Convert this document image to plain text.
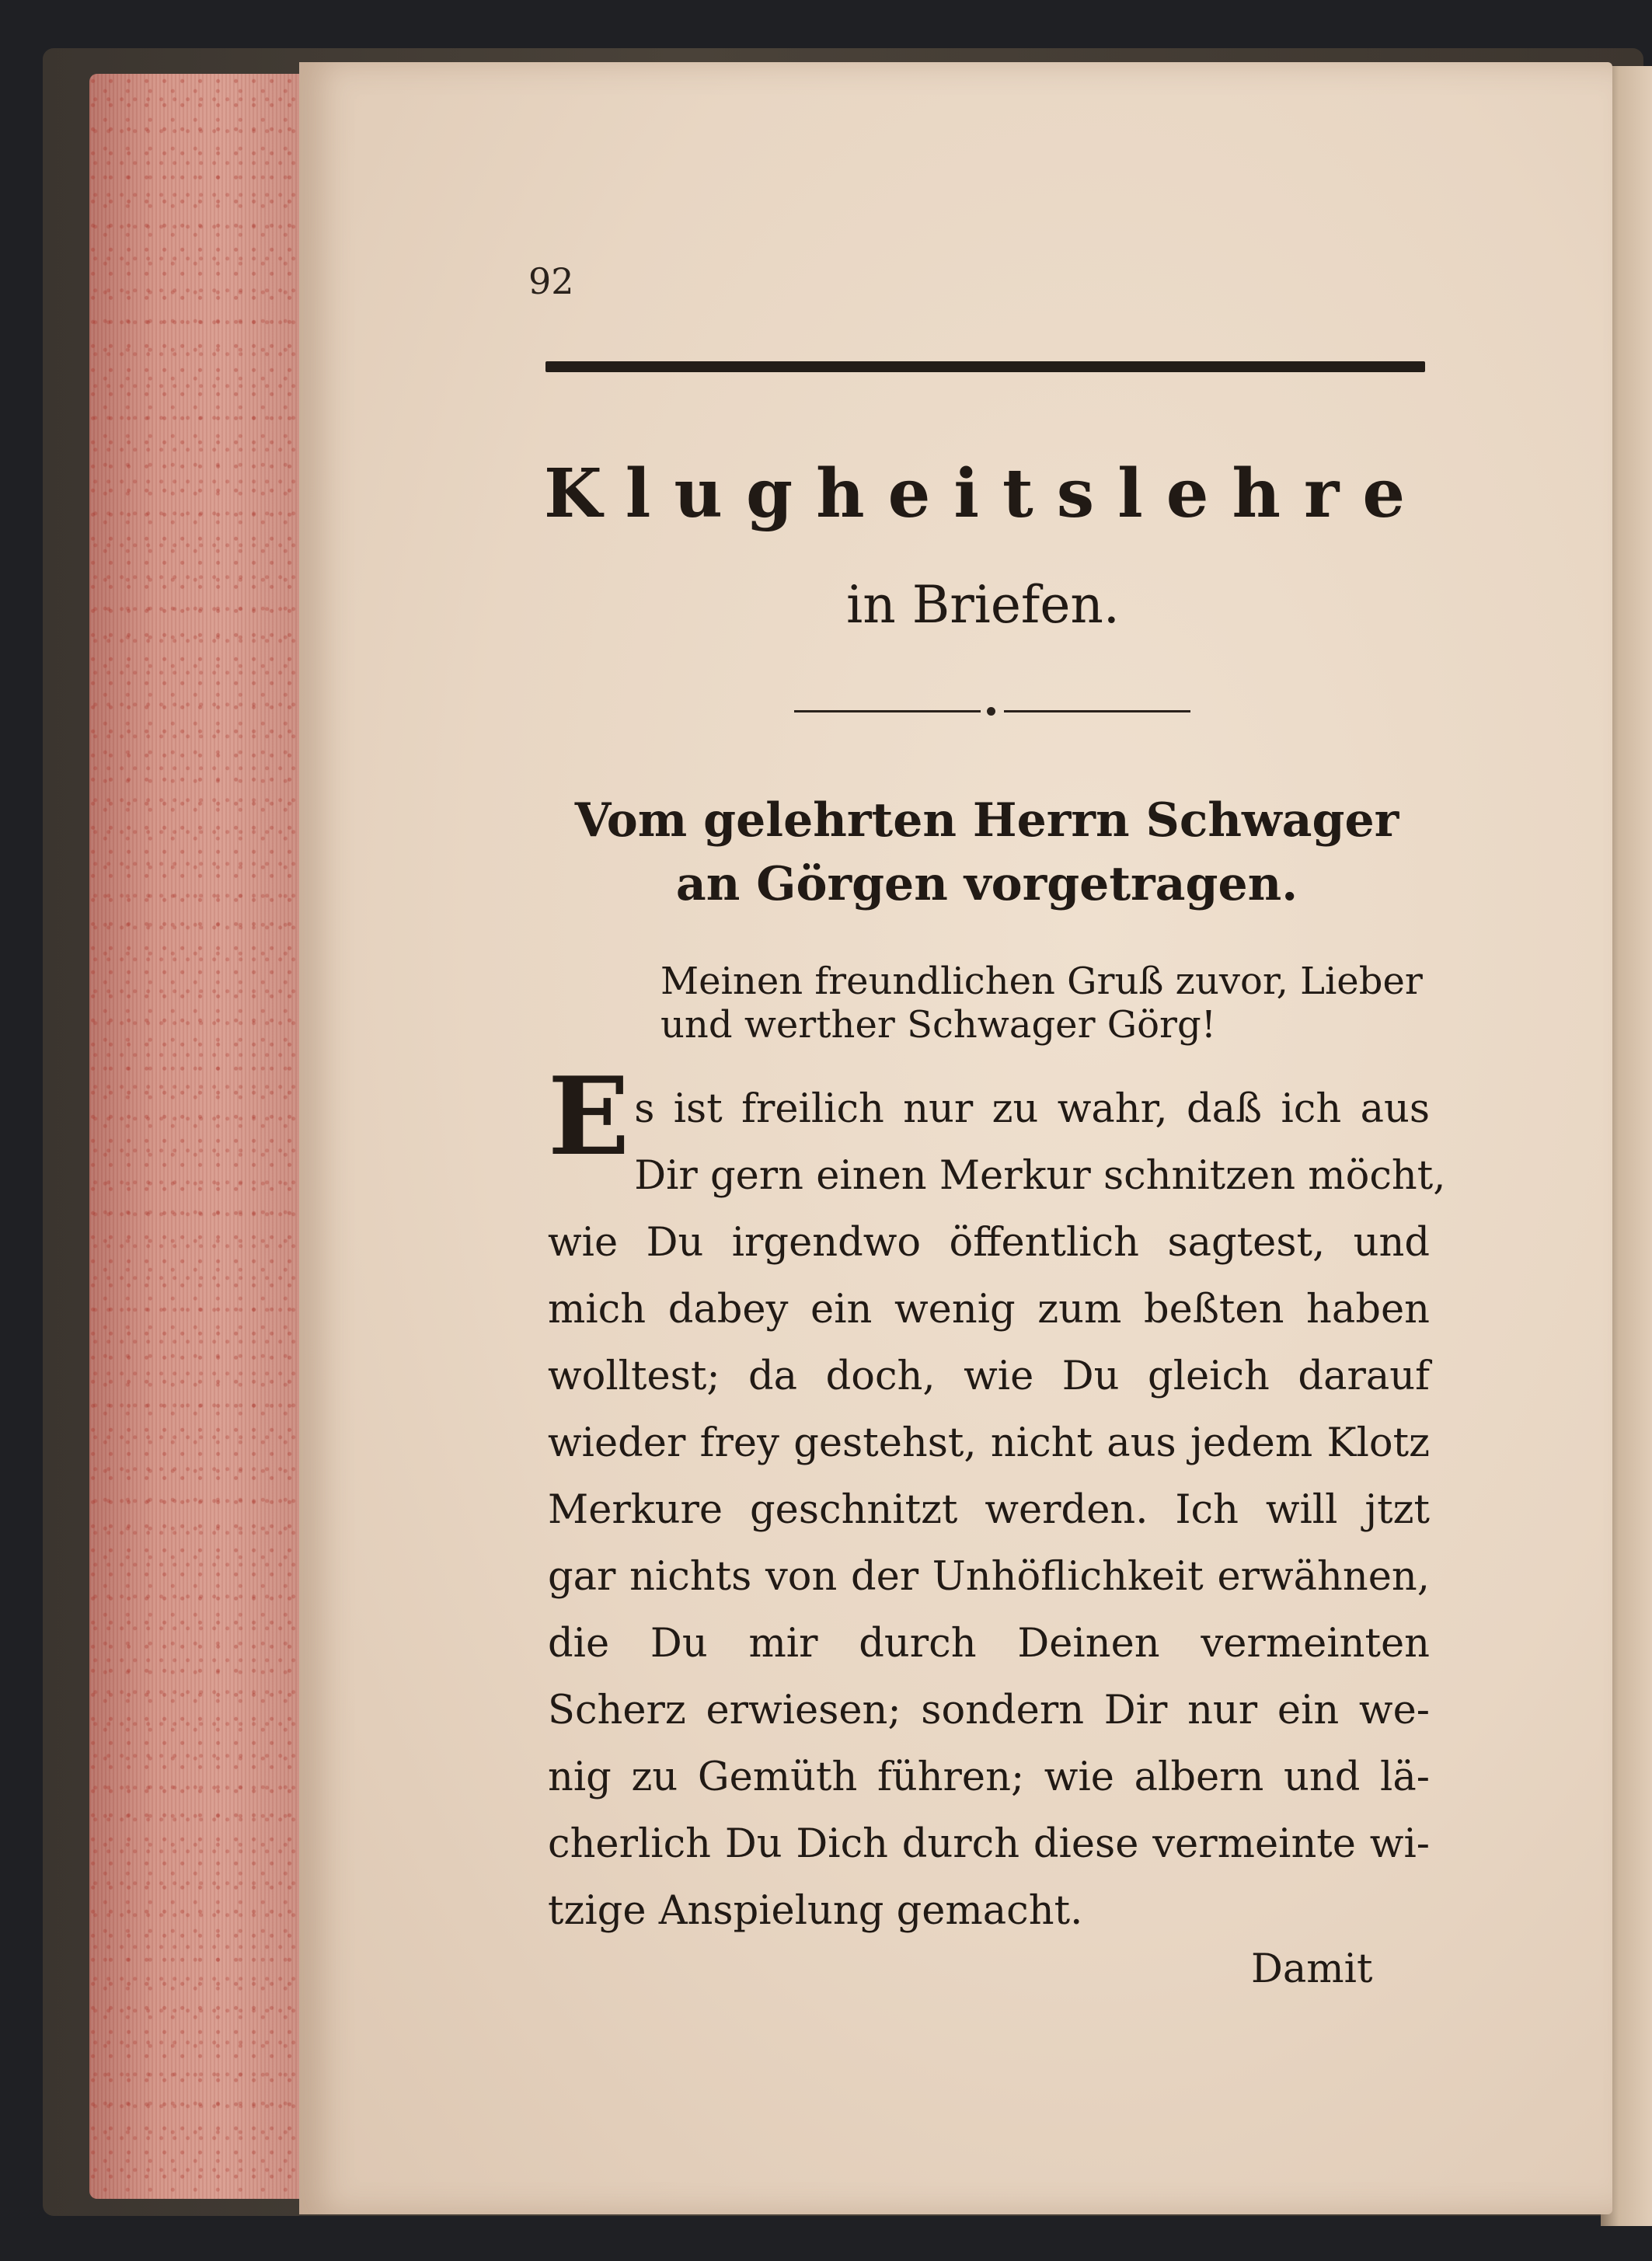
92
Klugheitslehre
in Briefen.
Vom gelehrten Herrn Schwager an Görgen vorgetragen.
Meinen freundlichen Gruß zuvor, Lieber
und werther Schwager Görg!
E s ist freilich nur zu wahr, daß ich aus
Dir gern einen Merkur schnitzen möcht,
wie Du irgendwo öffentlich sagtest, und
mich dabey ein wenig zum beßten haben
wolltest; da doch, wie Du gleich darauf
wieder frey gestehst, nicht aus jedem Klotz
Merkure geschnitzt werden. Ich will jtzt
gar nichts von der Unhöflichkeit erwähnen,
die Du mir durch Deinen vermeinten
Scherz erwiesen; sondern Dir nur ein we-
nig zu Gemüth führen; wie albern und lä-
cherlich Du Dich durch diese vermeinte wi-
tzige Anspielung gemacht.
Damit
